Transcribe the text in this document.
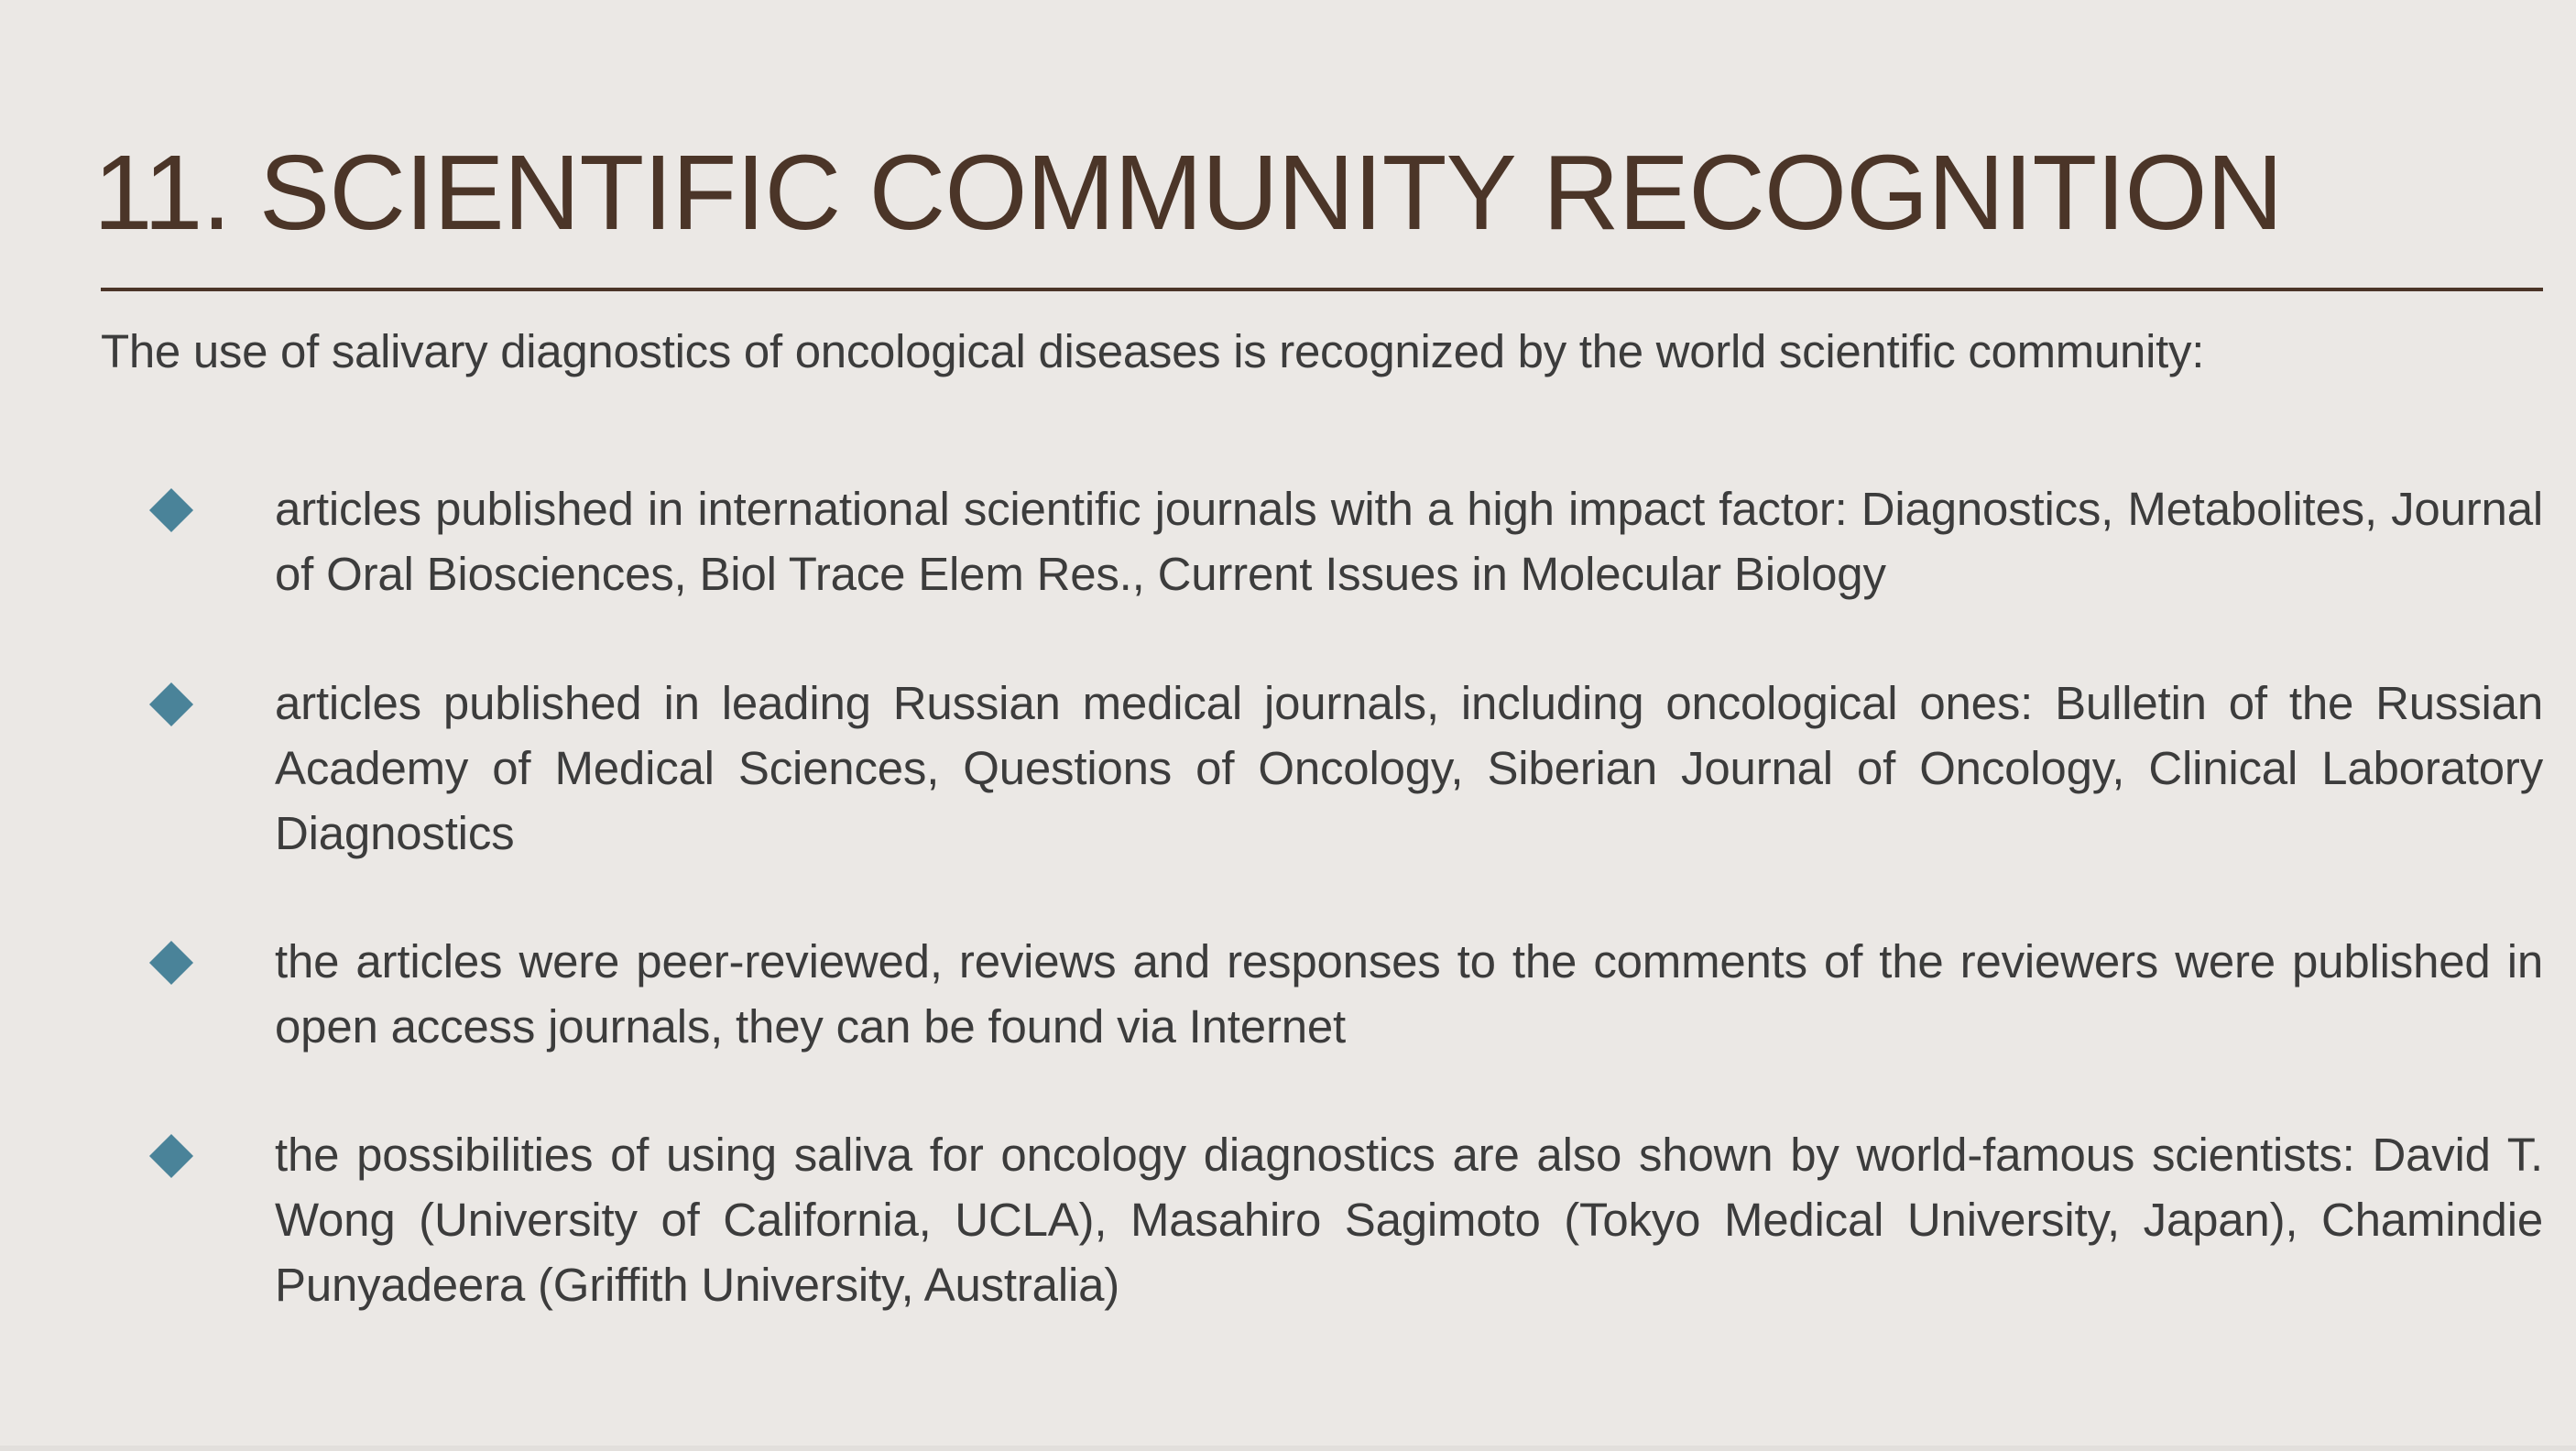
11. SCIENTIFIC COMMUNITY RECOGNITION

The use of salivary diagnostics of oncological diseases is recognized by the world scientific community:

articles published in international scientific journals with a high impact factor: Diagnostics, Metabolites, Journal of Oral Biosciences, Biol Trace Elem Res., Current Issues in Molecular Biology
articles published in leading Russian medical journals, including oncological ones: Bulletin of the Russian Academy of Medical Sciences, Questions of Oncology, Siberian Journal of Oncology, Clinical Laboratory Diagnostics
the articles were peer-reviewed, reviews and responses to the comments of the reviewers were published in open access journals, they can be found via Internet
the possibilities of using saliva for oncology diagnostics are also shown by world-famous scientists: David T. Wong (University of California, UCLA), Masahiro Sagimoto (Tokyo Medical University, Japan), Chamindie Punyadeera (Griffith University, Australia)
